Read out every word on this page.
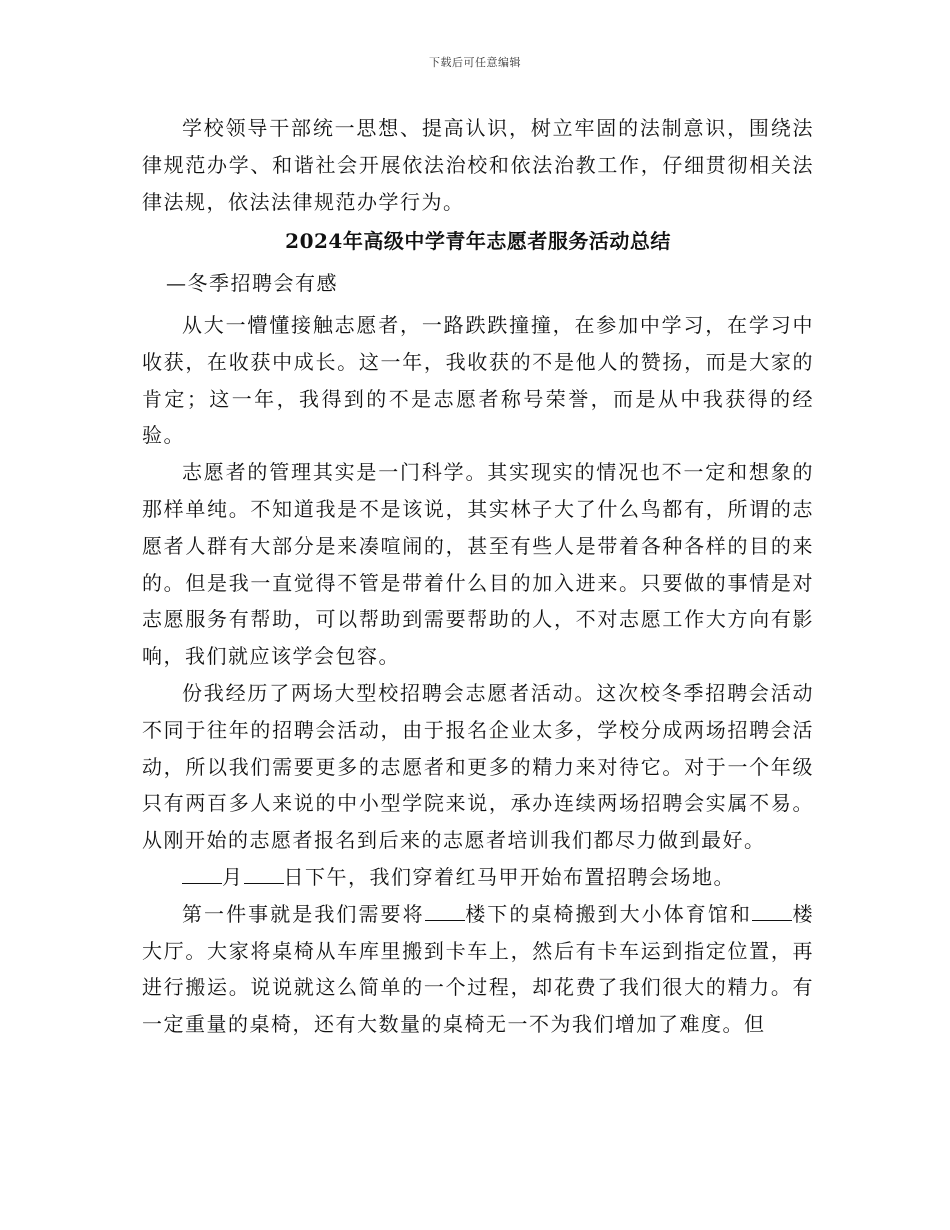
下载后可任意编辑

学校领导干部统一思想、提高认识，树立牢固的法制意识，围绕法律规范办学、和谐社会开展依法治校和依法治教工作，仔细贯彻相关法律法规，依法法律规范办学行为。

2024年高级中学青年志愿者服务活动总结
—冬季招聘会有感

从大一懵懂接触志愿者，一路跌跌撞撞，在参加中学习，在学习中收获，在收获中成长。这一年，我收获的不是他人的赞扬，而是大家的肯定；这一年，我得到的不是志愿者称号荣誉，而是从中我获得的经验。

志愿者的管理其实是一门科学。其实现实的情况也不一定和想象的那样单纯。不知道我是不是该说，其实林子大了什么鸟都有，所谓的志愿者人群有大部分是来凑喧闹的，甚至有些人是带着各种各样的目的来的。但是我一直觉得不管是带着什么目的加入进来。只要做的事情是对志愿服务有帮助，可以帮助到需要帮助的人，不对志愿工作大方向有影响，我们就应该学会包容。

份我经历了两场大型校招聘会志愿者活动。这次校冬季招聘会活动不同于往年的招聘会活动，由于报名企业太多，学校分成两场招聘会活动，所以我们需要更多的志愿者和更多的精力来对待它。对于一个年级只有两百多人来说的中小型学院来说，承办连续两场招聘会实属不易。从刚开始的志愿者报名到后来的志愿者培训我们都尽力做到最好。

月 日下午，我们穿着红马甲开始布置招聘会场地。

第一件事就是我们需要将 楼下的桌椅搬到大小体育馆和 楼大厅。大家将桌椅从车库里搬到卡车上，然后有卡车运到指定位置，再进行搬运。说说就这么简单的一个过程，却花费了我们很大的精力。有一定重量的桌椅，还有大数量的桌椅无一不为我们增加了难度。但
